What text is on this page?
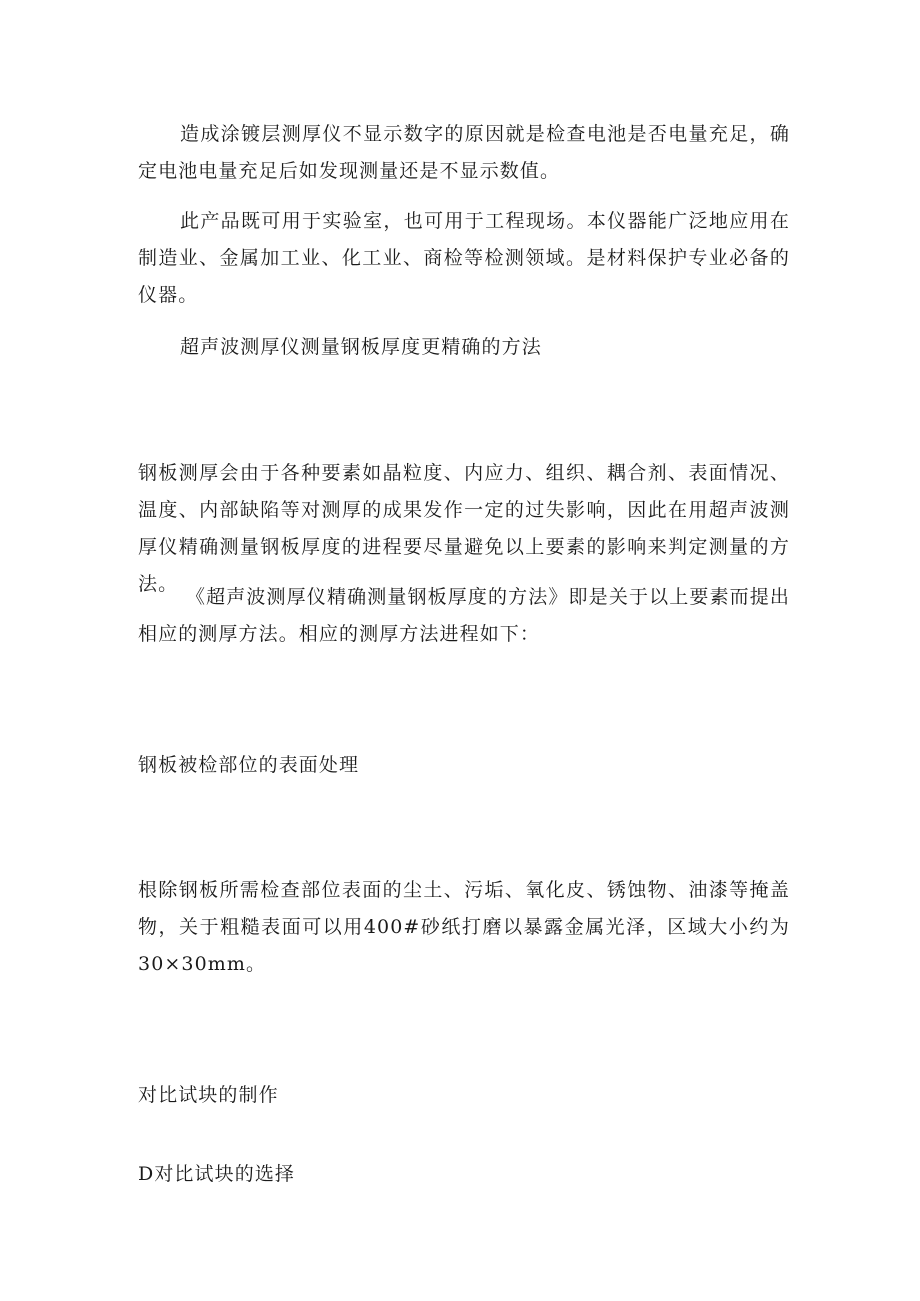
造成涂镀层测厚仪不显示数字的原因就是检查电池是否电量充足，确定电池电量充足后如发现测量还是不显示数值。

此产品既可用于实验室，也可用于工程现场。本仪器能广泛地应用在制造业、金属加工业、化工业、商检等检测领域。是材料保护专业必备的仪器。

超声波测厚仪测量钢板厚度更精确的方法

钢板测厚会由于各种要素如晶粒度、内应力、组织、耦合剂、表面情况、温度、内部缺陷等对测厚的成果发作一定的过失影响，因此在用超声波测厚仪精确测量钢板厚度的进程要尽量避免以上要素的影响来判定测量的方法。

《超声波测厚仪精确测量钢板厚度的方法》即是关于以上要素而提出相应的测厚方法。相应的测厚方法进程如下：

钢板被检部位的表面处理

根除钢板所需检查部位表面的尘土、污垢、氧化皮、锈蚀物、油漆等掩盖物，关于粗糙表面可以用400#砂纸打磨以暴露金属光泽，区域大小约为30×30mm。

对比试块的制作

D对比试块的选择
